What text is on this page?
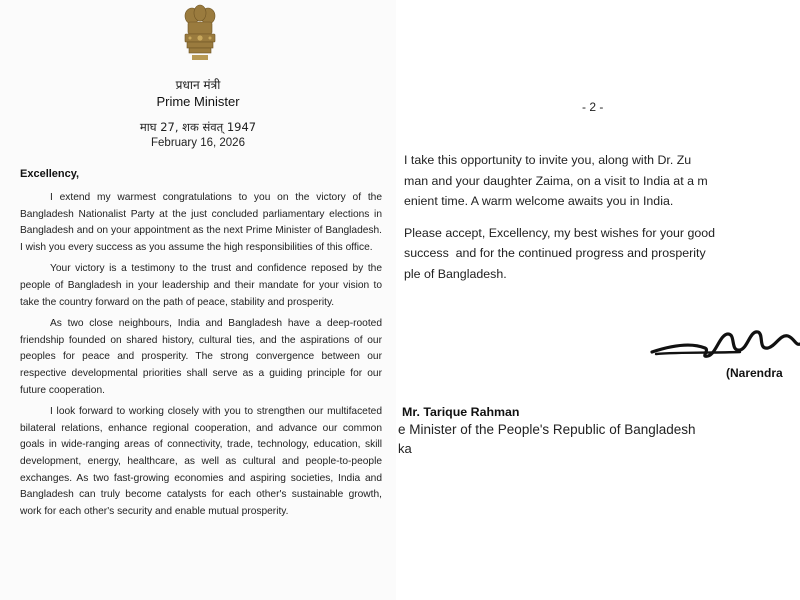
प्रधान मंत्री
Prime Minister
माघ 27, शक संवत् 1947
February 16, 2026
Excellency,

I extend my warmest congratulations to you on the victory of the Bangladesh Nationalist Party at the just concluded parliamentary elections in Bangladesh and on your appointment as the next Prime Minister of Bangladesh. I wish you every success as you assume the high responsibilities of this office.

Your victory is a testimony to the trust and confidence reposed by the people of Bangladesh in your leadership and their mandate for your vision to take the country forward on the path of peace, stability and prosperity.

As two close neighbours, India and Bangladesh have a deep-rooted friendship founded on shared history, cultural ties, and the aspirations of our peoples for peace and prosperity. The strong convergence between our respective developmental priorities shall serve as a guiding principle for our future cooperation.

I look forward to working closely with you to strengthen our multifaceted bilateral relations, enhance regional cooperation, and advance our common goals in wide-ranging areas of connectivity, trade, technology, education, skill development, energy, healthcare, as well as cultural and people-to-people exchanges. As two fast-growing economies and aspiring societies, India and Bangladesh can truly become catalysts for each other's sustainable growth, work for each other's security and enable mutual prosperity.

- 2 -

I take this opportunity to invite you, along with Dr. Zu
man and your daughter Zaima, on a visit to India at a m
enient time. A warm welcome awaits you in India.

Please accept, Excellency, my best wishes for your good
success  and for the continued progress and prosperity
ple of Bangladesh.

(Narendra
Mr. Tarique Rahman
e Minister of the People's Republic of Bangladesh
ka
